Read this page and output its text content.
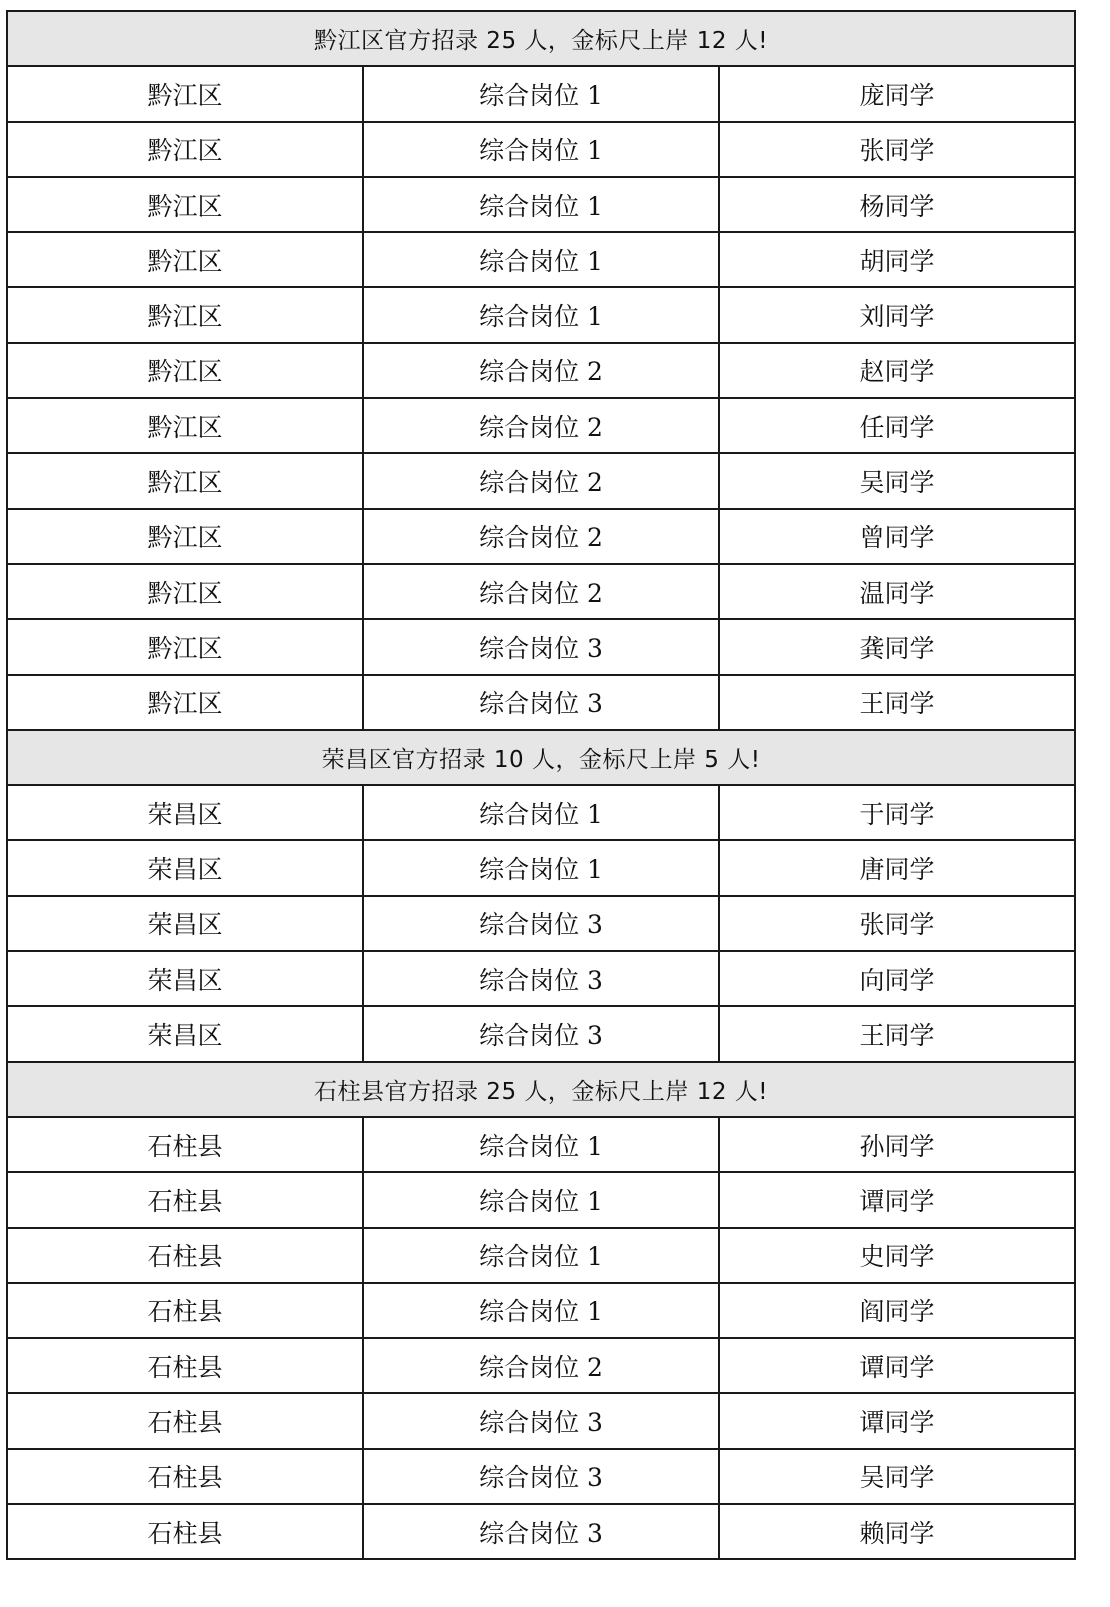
黔江区官方招录 25 人，金标尺上岸 12 人!
黔江区	综合岗位 1	庞同学
黔江区	综合岗位 1	张同学
黔江区	综合岗位 1	杨同学
黔江区	综合岗位 1	胡同学
黔江区	综合岗位 1	刘同学
黔江区	综合岗位 2	赵同学
黔江区	综合岗位 2	任同学
黔江区	综合岗位 2	吴同学
黔江区	综合岗位 2	曾同学
黔江区	综合岗位 2	温同学
黔江区	综合岗位 3	龚同学
黔江区	综合岗位 3	王同学
荣昌区官方招录 10 人，金标尺上岸 5 人!
荣昌区	综合岗位 1	于同学
荣昌区	综合岗位 1	唐同学
荣昌区	综合岗位 3	张同学
荣昌区	综合岗位 3	向同学
荣昌区	综合岗位 3	王同学
石柱县官方招录 25 人，金标尺上岸 12 人!
石柱县	综合岗位 1	孙同学
石柱县	综合岗位 1	谭同学
石柱县	综合岗位 1	史同学
石柱县	综合岗位 1	阎同学
石柱县	综合岗位 2	谭同学
石柱县	综合岗位 3	谭同学
石柱县	综合岗位 3	吴同学
石柱县	综合岗位 3	赖同学
